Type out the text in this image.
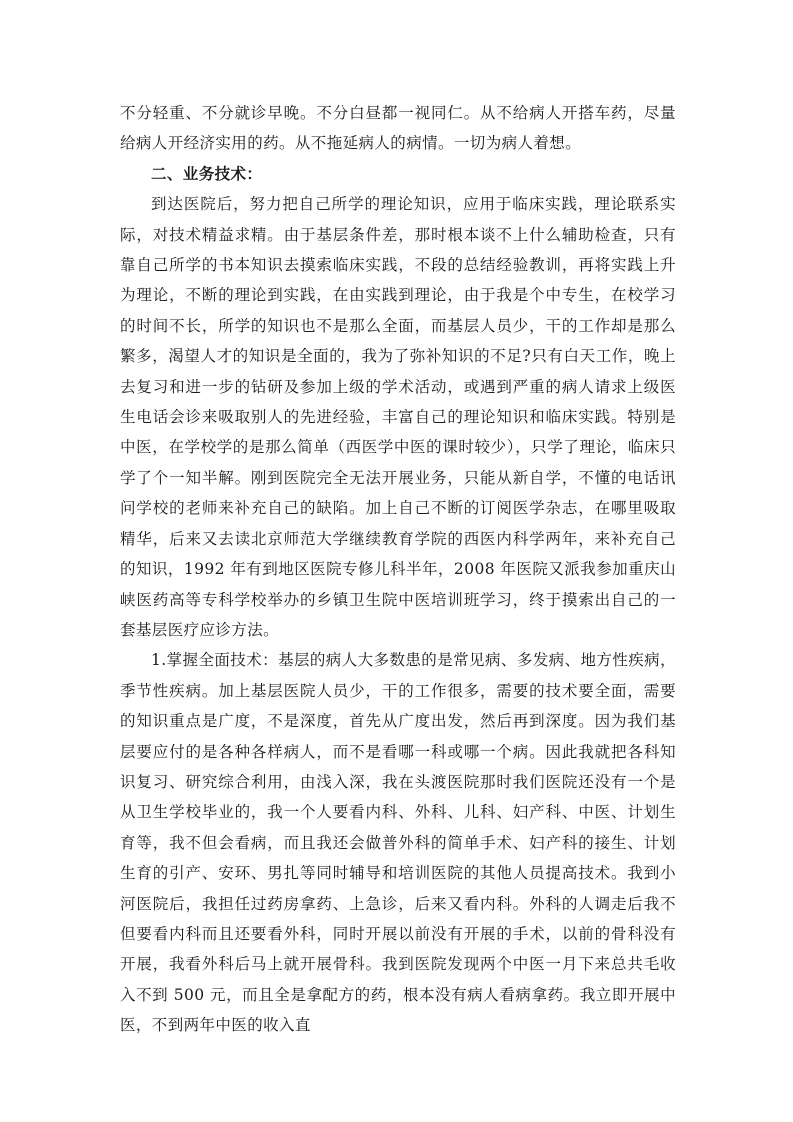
不分轻重、不分就诊早晚。不分白昼都一视同仁。从不给病人开搭车药，尽量给病人开经济实用的药。从不拖延病人的病情。一切为病人着想。

二、业务技术：

到达医院后，努力把自己所学的理论知识，应用于临床实践，理论联系实际，对技术精益求精。由于基层条件差，那时根本谈不上什么辅助检查，只有靠自己所学的书本知识去摸索临床实践，不段的总结经验教训，再将实践上升为理论，不断的理论到实践，在由实践到理论，由于我是个中专生，在校学习的时间不长，所学的知识也不是那么全面，而基层人员少，干的工作却是那么繁多，渴望人才的知识是全面的，我为了弥补知识的不足?只有白天工作，晚上去复习和进一步的钻研及参加上级的学术活动，或遇到严重的病人请求上级医生电话会诊来吸取别人的先进经验，丰富自己的理论知识和临床实践。特别是中医，在学校学的是那么简单（西医学中医的课时较少），只学了理论，临床只学了个一知半解。刚到医院完全无法开展业务，只能从新自学，不懂的电话讯问学校的老师来补充自己的缺陷。加上自己不断的订阅医学杂志，在哪里吸取精华，后来又去读北京师范大学继续教育学院的西医内科学两年，来补充自己的知识，1992 年有到地区医院专修儿科半年，2008 年医院又派我参加重庆山峡医药高等专科学校举办的乡镇卫生院中医培训班学习，终于摸索出自己的一套基层医疗应诊方法。

1.掌握全面技术：基层的病人大多数患的是常见病、多发病、地方性疾病，季节性疾病。加上基层医院人员少，干的工作很多，需要的技术要全面，需要的知识重点是广度，不是深度，首先从广度出发，然后再到深度。因为我们基层要应付的是各种各样病人，而不是看哪一科或哪一个病。因此我就把各科知识复习、研究综合利用，由浅入深，我在头渡医院那时我们医院还没有一个是从卫生学校毕业的，我一个人要看内科、外科、儿科、妇产科、中医、计划生育等，我不但会看病，而且我还会做普外科的简单手术、妇产科的接生、计划生育的引产、安环、男扎等同时辅导和培训医院的其他人员提高技术。我到小河医院后，我担任过药房拿药、上急诊，后来又看内科。外科的人调走后我不但要看内科而且还要看外科，同时开展以前没有开展的手术，以前的骨科没有开展，我看外科后马上就开展骨科。我到医院发现两个中医一月下来总共毛收入不到 500 元，而且全是拿配方的药，根本没有病人看病拿药。我立即开展中医，不到两年中医的收入直
